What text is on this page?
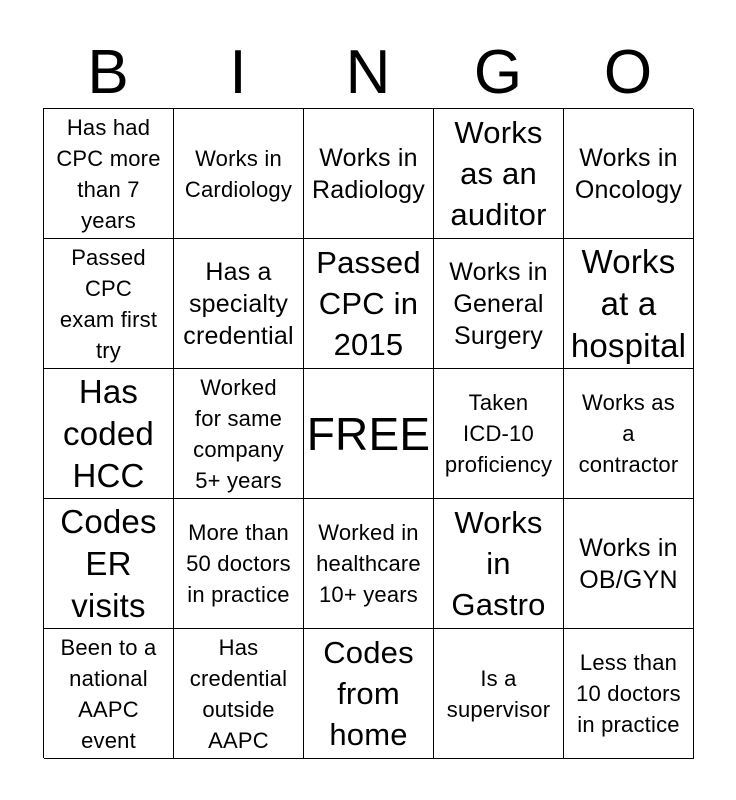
B	I	N	G	O
Has had
CPC more
than 7
years
Works in
Cardiology
Works in
Radiology
Works
as an
auditor
Works in
Oncology
Passed
CPC
exam first
try
Has a
specialty
credential
Passed
CPC in
2015
Works in
General
Surgery
Works
at a
hospital
Has
coded
HCC
Worked
for same
company
5+ years
FREE
Taken
ICD-10
proficiency
Works as
a
contractor
Codes
ER
visits
More than
50 doctors
in practice
Worked in
healthcare
10+ years
Works
in
Gastro
Works in
OB/GYN
Been to a
national
AAPC
event
Has
credential
outside
AAPC
Codes
from
home
Is a
supervisor
Less than
10 doctors
in practice
